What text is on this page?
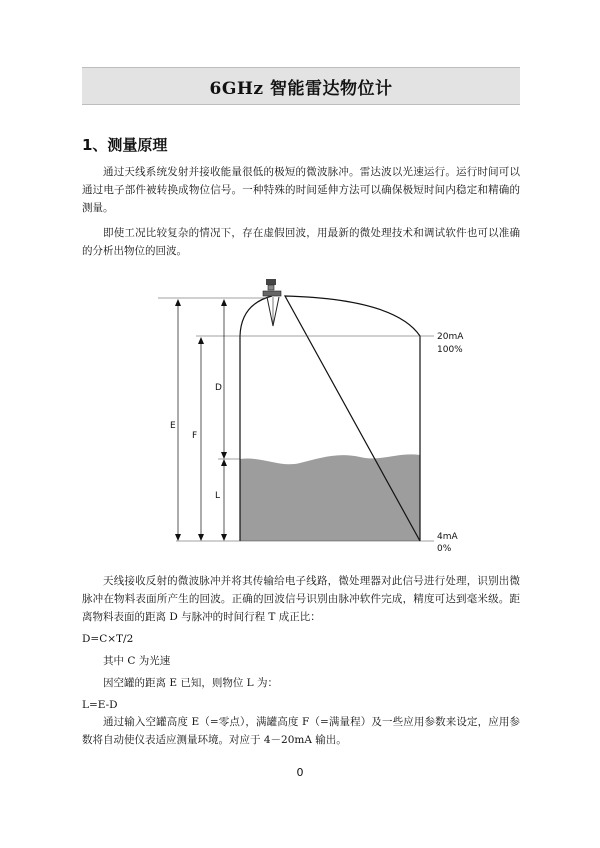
6GHz 智能雷达物位计
1、测量原理
通过天线系统发射并接收能量很低的极短的微波脉冲。雷达波以光速运行。运行时间可以通过电子部件被转换成物位信号。一种特殊的时间延伸方法可以确保极短时间内稳定和精确的测量。
即使工况比较复杂的情况下，存在虚假回波，用最新的微处理技术和调试软件也可以准确的分析出物位的回波。
E
F
D
L
20mA
100%
4mA
0%
天线接收反射的微波脉冲并将其传输给电子线路，微处理器对此信号进行处理，识别出微脉冲在物料表面所产生的回波。正确的回波信号识别由脉冲软件完成，精度可达到毫米级。距离物料表面的距离 D 与脉冲的时间行程 T 成正比：
D=C×T/2
其中 C 为光速
因空罐的距离 E 已知，则物位 L 为：
L=E-D
通过输入空罐高度 E（=零点），满罐高度 F（=满量程）及一些应用参数来设定，应用参数将自动使仪表适应测量环境。对应于 4－20mA 输出。
0
